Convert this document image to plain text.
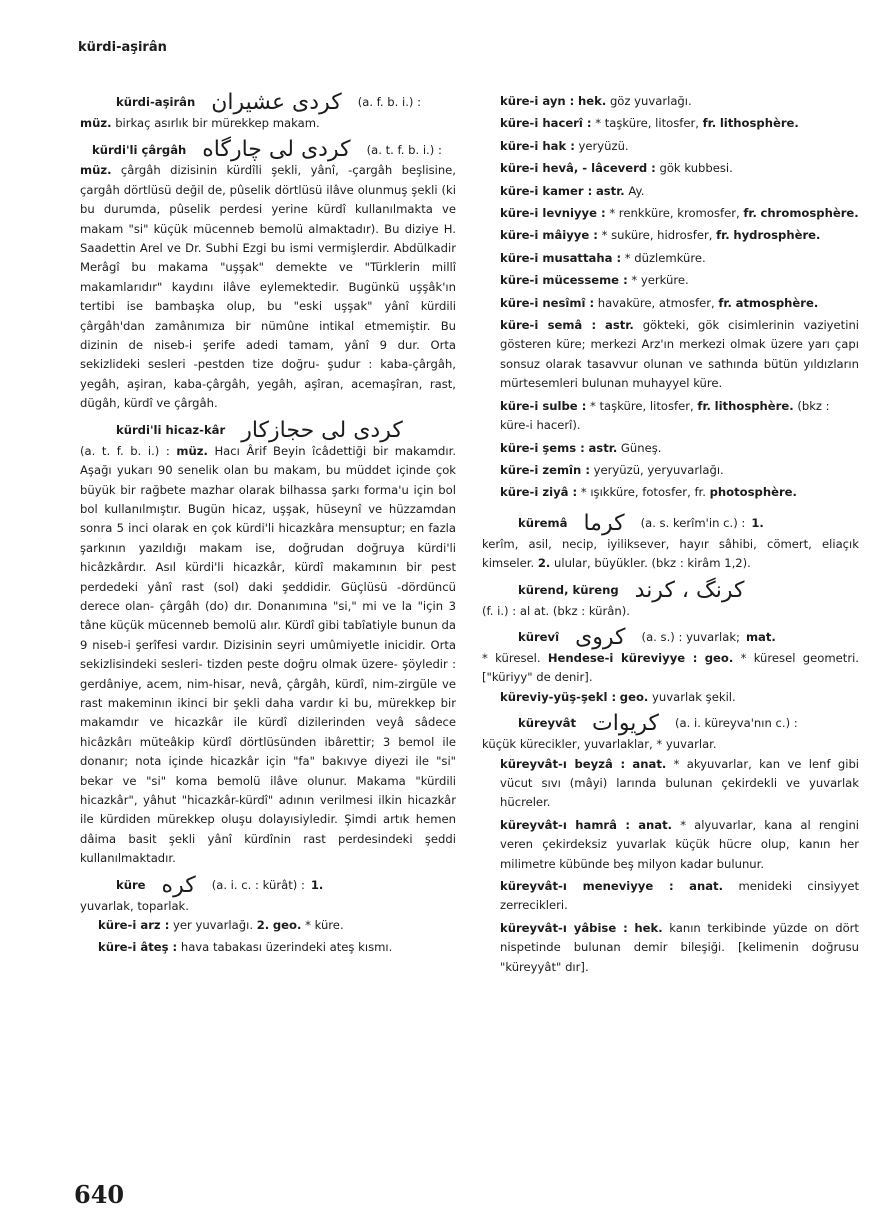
kürdi-aşirân
kürdi-aşirân کردی عشیران (a. f. b. i.) :
müz. birkaç asırlık bir mürekkep makam.
kürdi'li çârgâh کردی لی چارگاه (a. t. f. b. i.) :
müz. çârgâh dizisinin kürdîli şekli, yânî, -çargâh beşlisine, çargâh dörtlüsü değil de, pûselik dörtlüsü ilâve olunmuş şekli (ki bu durumda, pûselik perdesi yerine kürdî kullanılmakta ve makam "si" küçük mücenneb bemolü almaktadır). Bu diziye H. Saadettin Arel ve Dr. Subhi Ezgi bu ismi vermişlerdir. Abdülkadir Merâgî bu makama "uşşak" demekte ve "Türklerin millî makamlarıdır" kaydını ilâve eylemektedir. Bugünkü uşşâk'ın tertibi ise bambaşka olup, bu "eski uşşak" yânî kürdili çârgâh'dan zamânımıza bir nümûne intikal etmemiştir. Bu dizinin de niseb-i şerife adedi tamam, yânî 9 dur. Orta sekizlideki sesleri -pestden tize doğru- şudur : kaba-çârgâh, yegâh, aşiran, kaba-çârgâh, yegâh, aşîran, acemaşîran, rast, dügâh, kürdî ve çârgâh.
kürdi'li hicaz-kâr کردی لی حجازکار
(a. t. f. b. i.) : müz. Hacı Ârif Beyin îcâdettiği bir makamdır. Aşağı yukarı 90 senelik olan bu makam, bu müddet içinde çok büyük bir rağbete mazhar olarak bilhassa şarkı forma'u için bol bol kullanılmıştır. Bugün hicaz, uşşak, hüseynî ve hüzzamdan sonra 5 inci olarak en çok kürdi'li hicazkâra mensuptur; en fazla şarkının yazıldığı makam ise, doğrudan doğruya kürdi'li hicâzkârdır. Asıl kürdi'li hicazkâr, kürdî makamının bir pest perdedeki yânî rast (sol) daki şeddidir. Güçlüsü -dördüncü derece olan- çârgâh (do) dır. Donanımına "si," mi ve la "için 3 tâne küçük mücenneb bemolü alır. Kürdî gibi tabîatiyle bunun da 9 niseb-i şerîfesi vardır. Dizisinin seyri umûmiyetle inicidir. Orta sekizlisindeki sesleri- tizden peste doğru olmak üzere- şöyledir : gerdâniye, acem, nim-hisar, nevâ, çârgâh, kürdî, nim-zirgüle ve rast makeminın ikinci bir şekli daha vardır ki bu, mürekkep bir makamdır ve hicazkâr ile kürdî dizilerinden veyâ sâdece hicâzkârı müteâkip kürdî dörtlüsünden ibârettir; 3 bemol ile donanır; nota içinde hicazkâr için "fa" bakıvye diyezi ile "si" bekar ve "si" koma bemolü ilâve olunur. Makama "kürdili hicazkâr", yâhut "hicazkâr-kürdî" adının verilmesi ilkin hicazkâr ile kürdiden mürekkep oluşu dolayısiyledir. Şimdi artık hemen dâima basit şekli yânî kürdînin rast perdesindeki şeddi kullanılmaktadır.
küre کره (a. i. c. : kürât) : 1.
yuvarlak, toparlak.
küre-i arz : yer yuvarlağı. 2. geo. * küre.
küre-i âteş : hava tabakası üzerindeki ateş kısmı.
küre-i ayn : hek. göz yuvarlağı.
küre-i hacerî : * taşküre, litosfer, fr. lithosphère.
küre-i hak : yeryüzü.
küre-i hevâ, - lâceverd : gök kubbesi.
küre-i kamer : astr. Ay.
küre-i levniyye : * renkküre, kromosfer, fr. chromosphère.
küre-i mâiyye : * suküre, hidrosfer, fr. hydrosphère.
küre-i musattaha : * düzlemküre.
küre-i mücesseme : * yerküre.
küre-i nesîmî : havaküre, atmosfer, fr. atmosphère.
küre-i semâ : astr. gökteki, gök cisimlerinin vaziyetini gösteren küre; merkezi Arz'ın merkezi olmak üzere yarı çapı sonsuz olarak tasavvur olunan ve sathında bütün yıldızların mürtesemleri bulunan muhayyel küre.
küre-i sulbe : * taşküre, litosfer, fr. lithosphère. (bkz : küre-i hacerî).
küre-i şems : astr. Güneş.
küre-i zemîn : yeryüzü, yeryuvarlağı.
küre-i ziyâ : * ışıkküre, fotosfer, fr. photosphère.
küremâ کرما (a. s. kerîm'in c.) : 1.
kerîm, asil, necip, iyiliksever, hayır sâhibi, cömert, eliaçık kimseler. 2. ulular, büyükler. (bkz : kirâm 1,2).
kürend, küreng کرنگ ، کرند
(f. i.) : al at. (bkz : kürân).
kürevî کروی (a. s.) : yuvarlak; mat.
* küresel. Hendese-i küreviyye : geo. * küresel geometri. ["küriyy" de denir].
küreviy-yüş-şekl : geo. yuvarlak şekil.
küreyvât کریوات (a. i. küreyva'nın c.) :
küçük kürecikler, yuvarlaklar, * yuvarlar.
küreyvât-ı beyzâ : anat. * akyuvarlar, kan ve lenf gibi vücut sıvı (mâyi) larında bulunan çekirdekli ve yuvarlak hücreler.
küreyvât-ı hamrâ : anat. * alyuvarlar, kana al rengini veren çekirdeksiz yuvarlak küçük hücre olup, kanın her milimetre kübünde beş milyon kadar bulunur.
küreyvât-ı meneviyye : anat. menideki cinsiyyet zerrecikleri.
küreyvât-ı yâbise : hek. kanın terkibinde yüzde on dört nispetinde bulunan demir bileşiği. [kelimenin doğrusu "küreyyât" dır].
640
